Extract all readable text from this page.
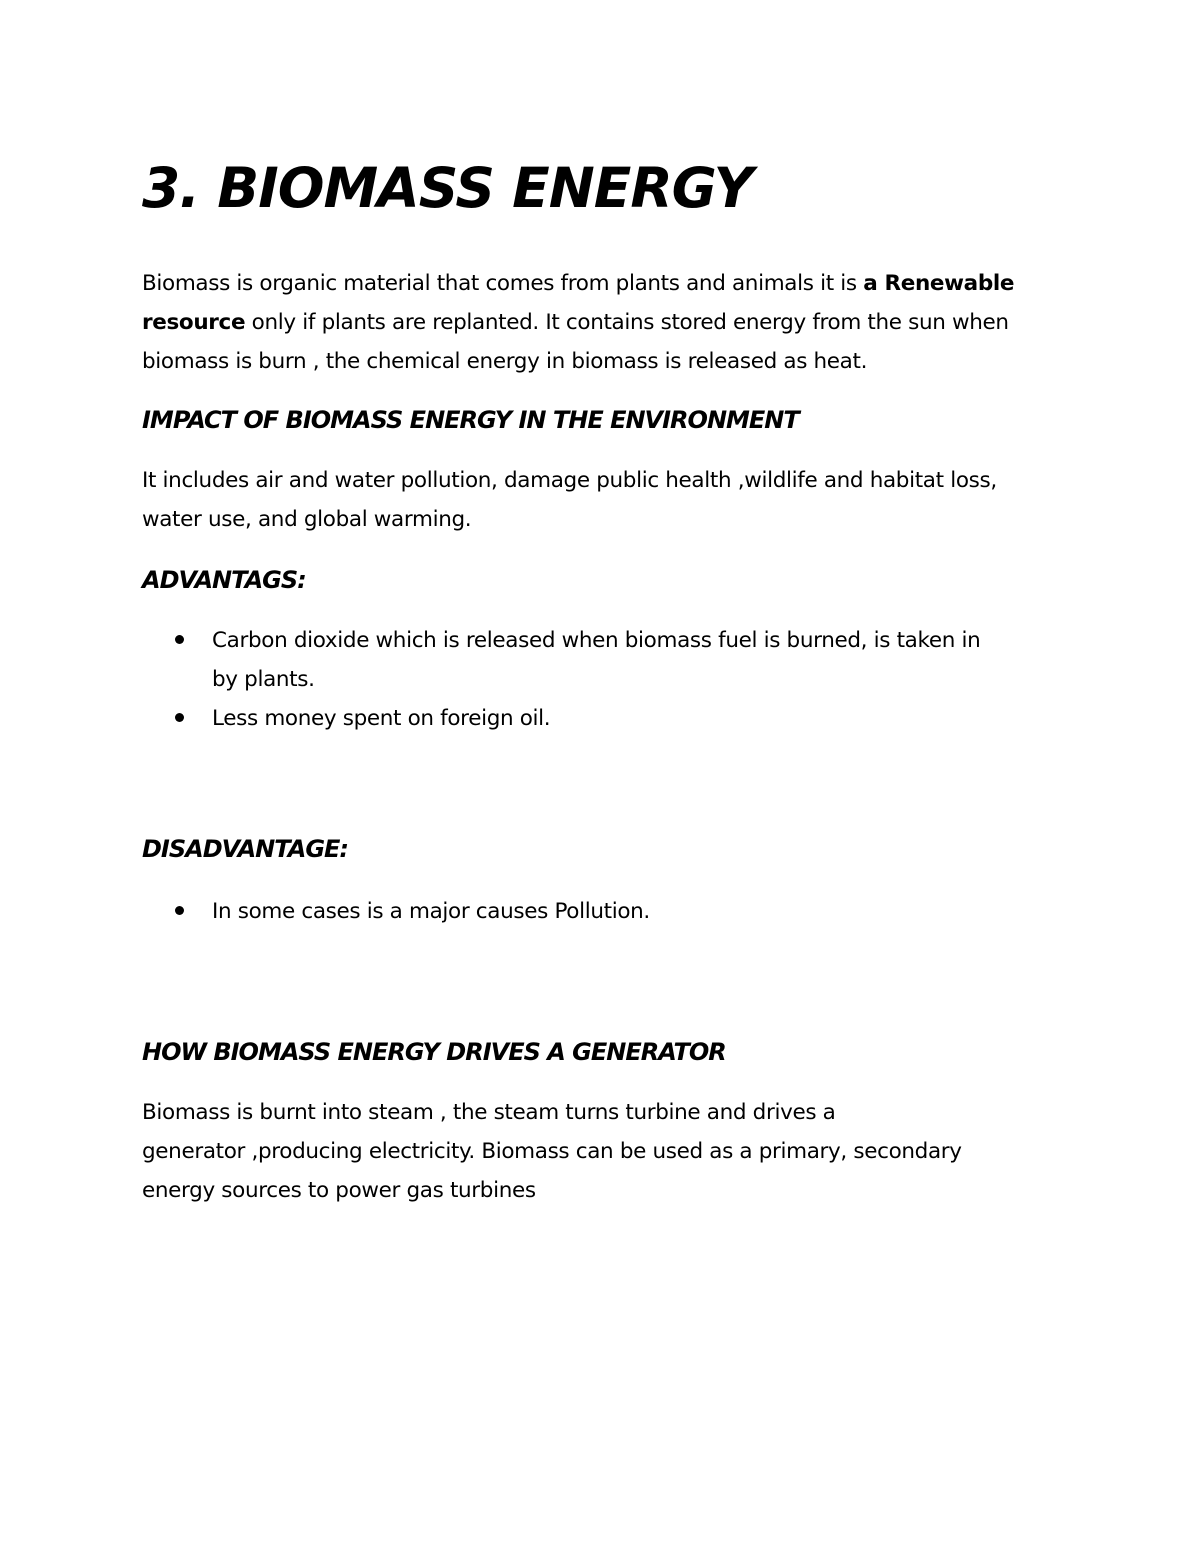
3. BIOMASS ENERGY

Biomass is organic material that comes from plants and animals it is a Renewable
resource only if plants are replanted. It contains stored energy from the sun when
biomass is burn , the chemical energy in biomass is released as heat.

IMPACT OF BIOMASS ENERGY IN THE ENVIRONMENT

It includes air and water pollution, damage public health ,wildlife and habitat loss,
water use, and global warming.

ADVANTAGS:
Carbon dioxide which is released when biomass fuel is burned, is taken in
by plants.
Less money spent on foreign oil.
DISADVANTAGE:
In some cases is a major causes Pollution.
HOW BIOMASS ENERGY DRIVES A GENERATOR

Biomass is burnt into steam , the steam turns turbine and drives a
generator ,producing electricity. Biomass can be used as a primary, secondary
energy sources to power gas turbines
